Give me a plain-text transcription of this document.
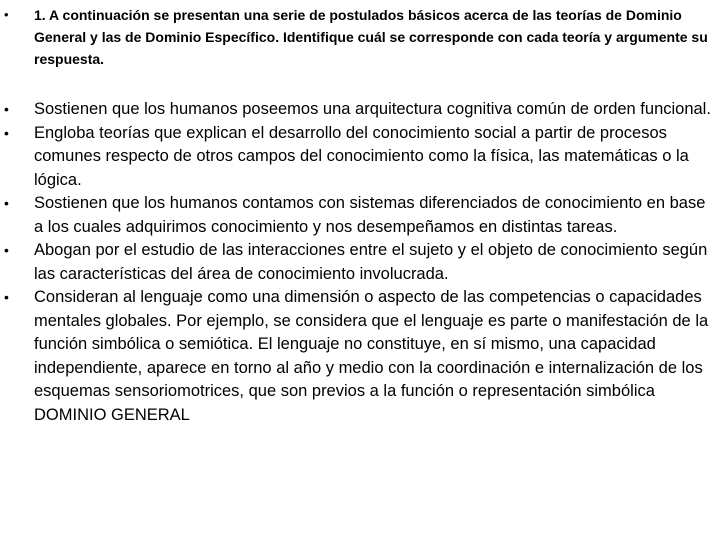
•	1. A continuación se presentan una serie de postulados básicos acerca de las teorías de Dominio General y las de Dominio Específico. Identifique cuál se corresponde con cada teoría y argumente su respuesta.
•	Sostienen que los humanos poseemos una arquitectura cognitiva común de orden funcional.
•	Engloba teorías que explican el desarrollo del conocimiento social a partir de procesos comunes respecto de otros campos del conocimiento como la física, las matemáticas o la lógica.
•	Sostienen que los humanos contamos con sistemas diferenciados de conocimiento en base a los cuales adquirimos conocimiento y nos desempeñamos en distintas tareas.
•	Abogan por el estudio de las interacciones entre el sujeto y el objeto de conocimiento según las características del área de conocimiento involucrada.
•	Consideran al lenguaje como una dimensión o aspecto de las competencias o capacidades mentales globales. Por ejemplo, se considera que el lenguaje es parte o manifestación de la función simbólica o semiótica. El lenguaje no constituye, en sí mismo, una capacidad independiente, aparece en torno al año y medio con la coordinación e internalización de los esquemas sensoriomotrices, que son previos a la función o representación simbólica DOMINIO GENERAL
